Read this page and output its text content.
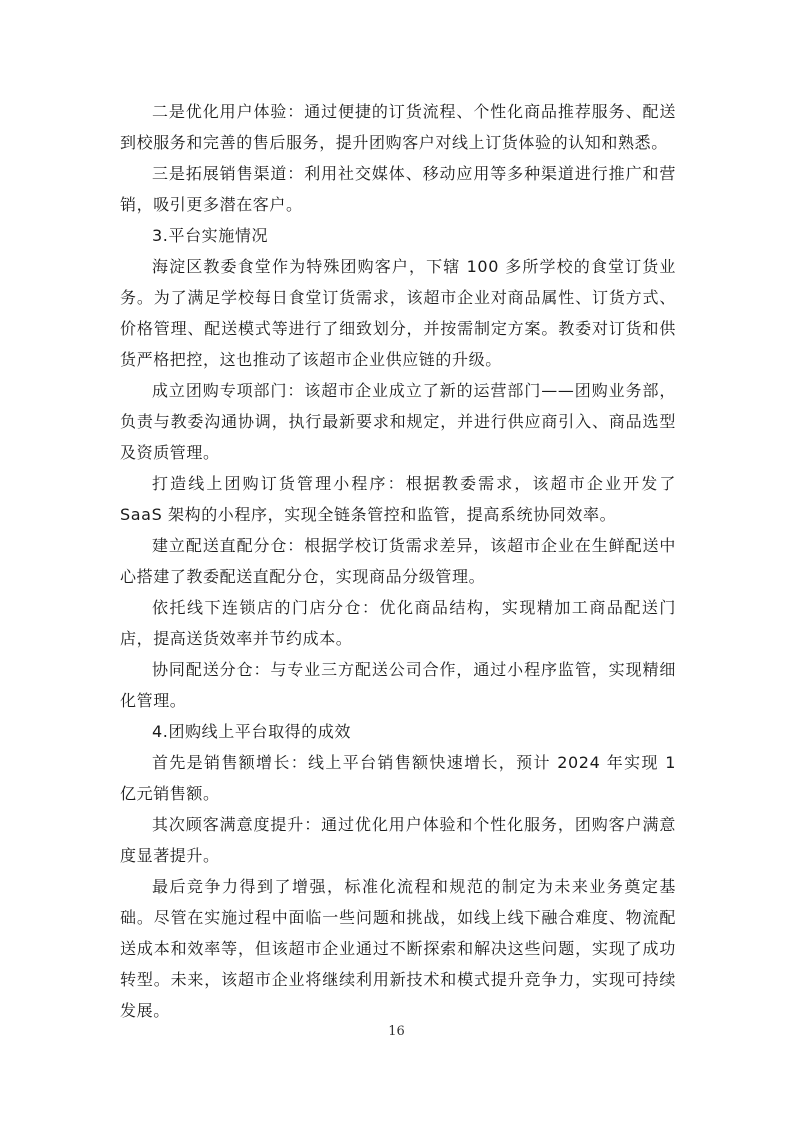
二是优化用户体验：通过便捷的订货流程、个性化商品推荐服务、配送到校服务和完善的售后服务，提升团购客户对线上订货体验的认知和熟悉。

三是拓展销售渠道：利用社交媒体、移动应用等多种渠道进行推广和营销，吸引更多潜在客户。

3.平台实施情况

海淀区教委食堂作为特殊团购客户，下辖 100 多所学校的食堂订货业务。为了满足学校每日食堂订货需求，该超市企业对商品属性、订货方式、价格管理、配送模式等进行了细致划分，并按需制定方案。教委对订货和供货严格把控，这也推动了该超市企业供应链的升级。

成立团购专项部门：该超市企业成立了新的运营部门——团购业务部，负责与教委沟通协调，执行最新要求和规定，并进行供应商引入、商品选型及资质管理。

打造线上团购订货管理小程序：根据教委需求，该超市企业开发了 SaaS 架构的小程序，实现全链条管控和监管，提高系统协同效率。

建立配送直配分仓：根据学校订货需求差异，该超市企业在生鲜配送中心搭建了教委配送直配分仓，实现商品分级管理。

依托线下连锁店的门店分仓：优化商品结构，实现精加工商品配送门店，提高送货效率并节约成本。

协同配送分仓：与专业三方配送公司合作，通过小程序监管，实现精细化管理。

4.团购线上平台取得的成效

首先是销售额增长：线上平台销售额快速增长，预计 2024 年实现 1 亿元销售额。

其次顾客满意度提升：通过优化用户体验和个性化服务，团购客户满意度显著提升。

最后竞争力得到了增强，标准化流程和规范的制定为未来业务奠定基础。尽管在实施过程中面临一些问题和挑战，如线上线下融合难度、物流配送成本和效率等，但该超市企业通过不断探索和解决这些问题，实现了成功转型。未来，该超市企业将继续利用新技术和模式提升竞争力，实现可持续发展。

16
